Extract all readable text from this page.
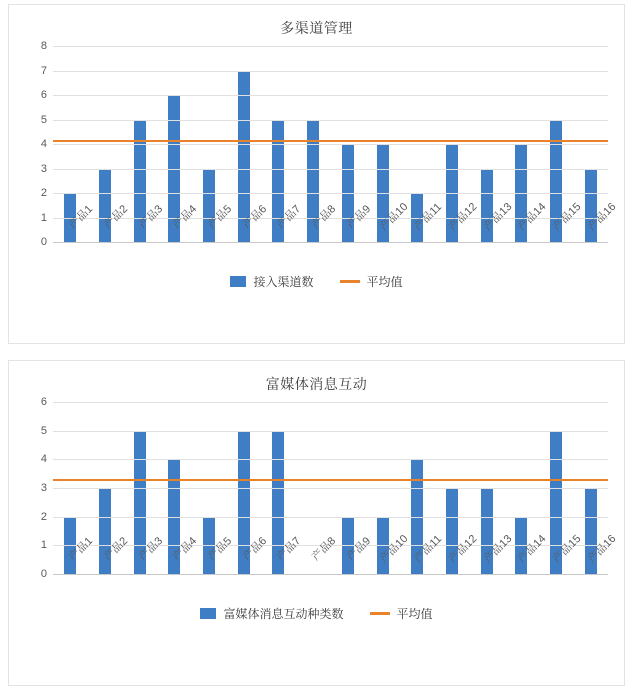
多渠道管理
0
1
2
3
4
5
6
7
8
产品1 产品2 产品3 产品4 产品5 产品6 产品7 产品8 产品9 产品10 产品11 产品12 产品13 产品14 产品15 产品16
接入渠道数	平均值
富媒体消息互动
0
1
2
3
4
5
6
产品1 产品2 产品3 产品4 产品5 产品6 产品7 产品8 产品9 产品10 产品11 产品12 产品13 产品14 产品15 产品16
富媒体消息互动种类数	平均值
